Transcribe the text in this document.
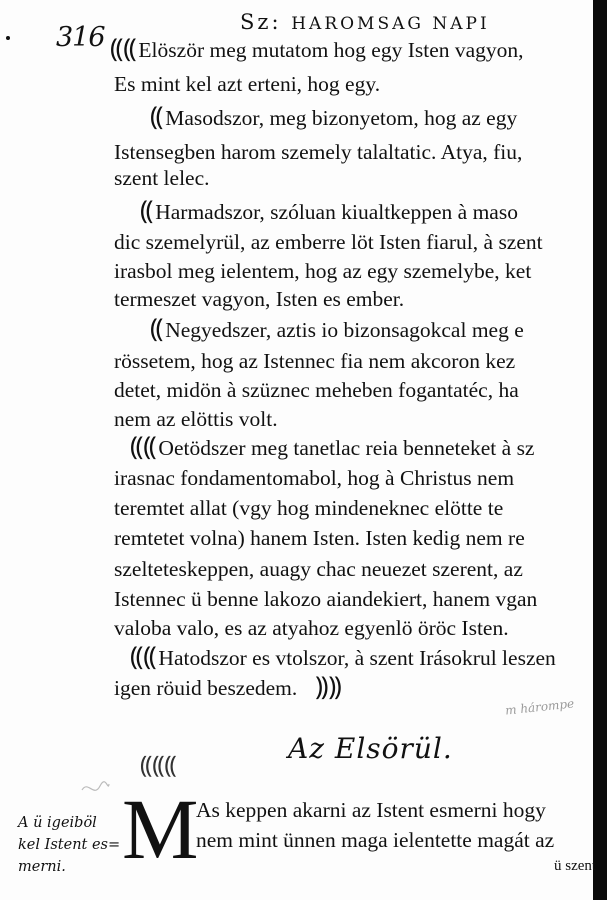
316	Sz: HAROMSAG NAPI
⸨⸨Elöször meg mutatom hog egy Isten vagyon,
Es mint kel azt erteni, hog egy.
⸨Masodszor, meg bizonyetom, hog az egy
Istensegben harom szemely talaltatic. Atya, fiu,
szent lelec.
⸨Harmadszor, szóluan kiualtkeppen à maso
dic szemelyrül, az emberre löt Isten fiarul, à szent
irasbol meg ielentem, hog az egy szemelybe, ket
termeszet vagyon, Isten es ember.
⸨Negyedszer, aztis io bizonsagokcal meg e
rössetem, hog az Istennec fia nem akcoron kez
detet, midön à szüznec meheben fogantatéc, ha
nem az elöttis volt.
⸨⸨Oetödszer meg tanetlac reia benneteket à sz
irasnac fondamentomabol, hog à Christus nem
teremtet allat (vgy hog mindeneknec elötte te
remtetet volna) hanem Isten. Isten kedig nem re
szelteteskeppen, auagy chac neuezet szerent, az
Istennec ü benne lakozo aiandekiert, hanem vgan
valoba valo, es az atyahoz egyenlö öröc Isten.
⸨⸨Hatodszor es vtolszor, à szent Irásokrul leszen
igen röuid beszedem. ⸩⸩
m hárompe
Az Elsörül.
⸨⸨⸨
A ü igeiböl
kel Istent es=
merni. M
As keppen akarni az Istent esmerni hogy
nem mint ünnen maga ielentette magát az
ü szent
